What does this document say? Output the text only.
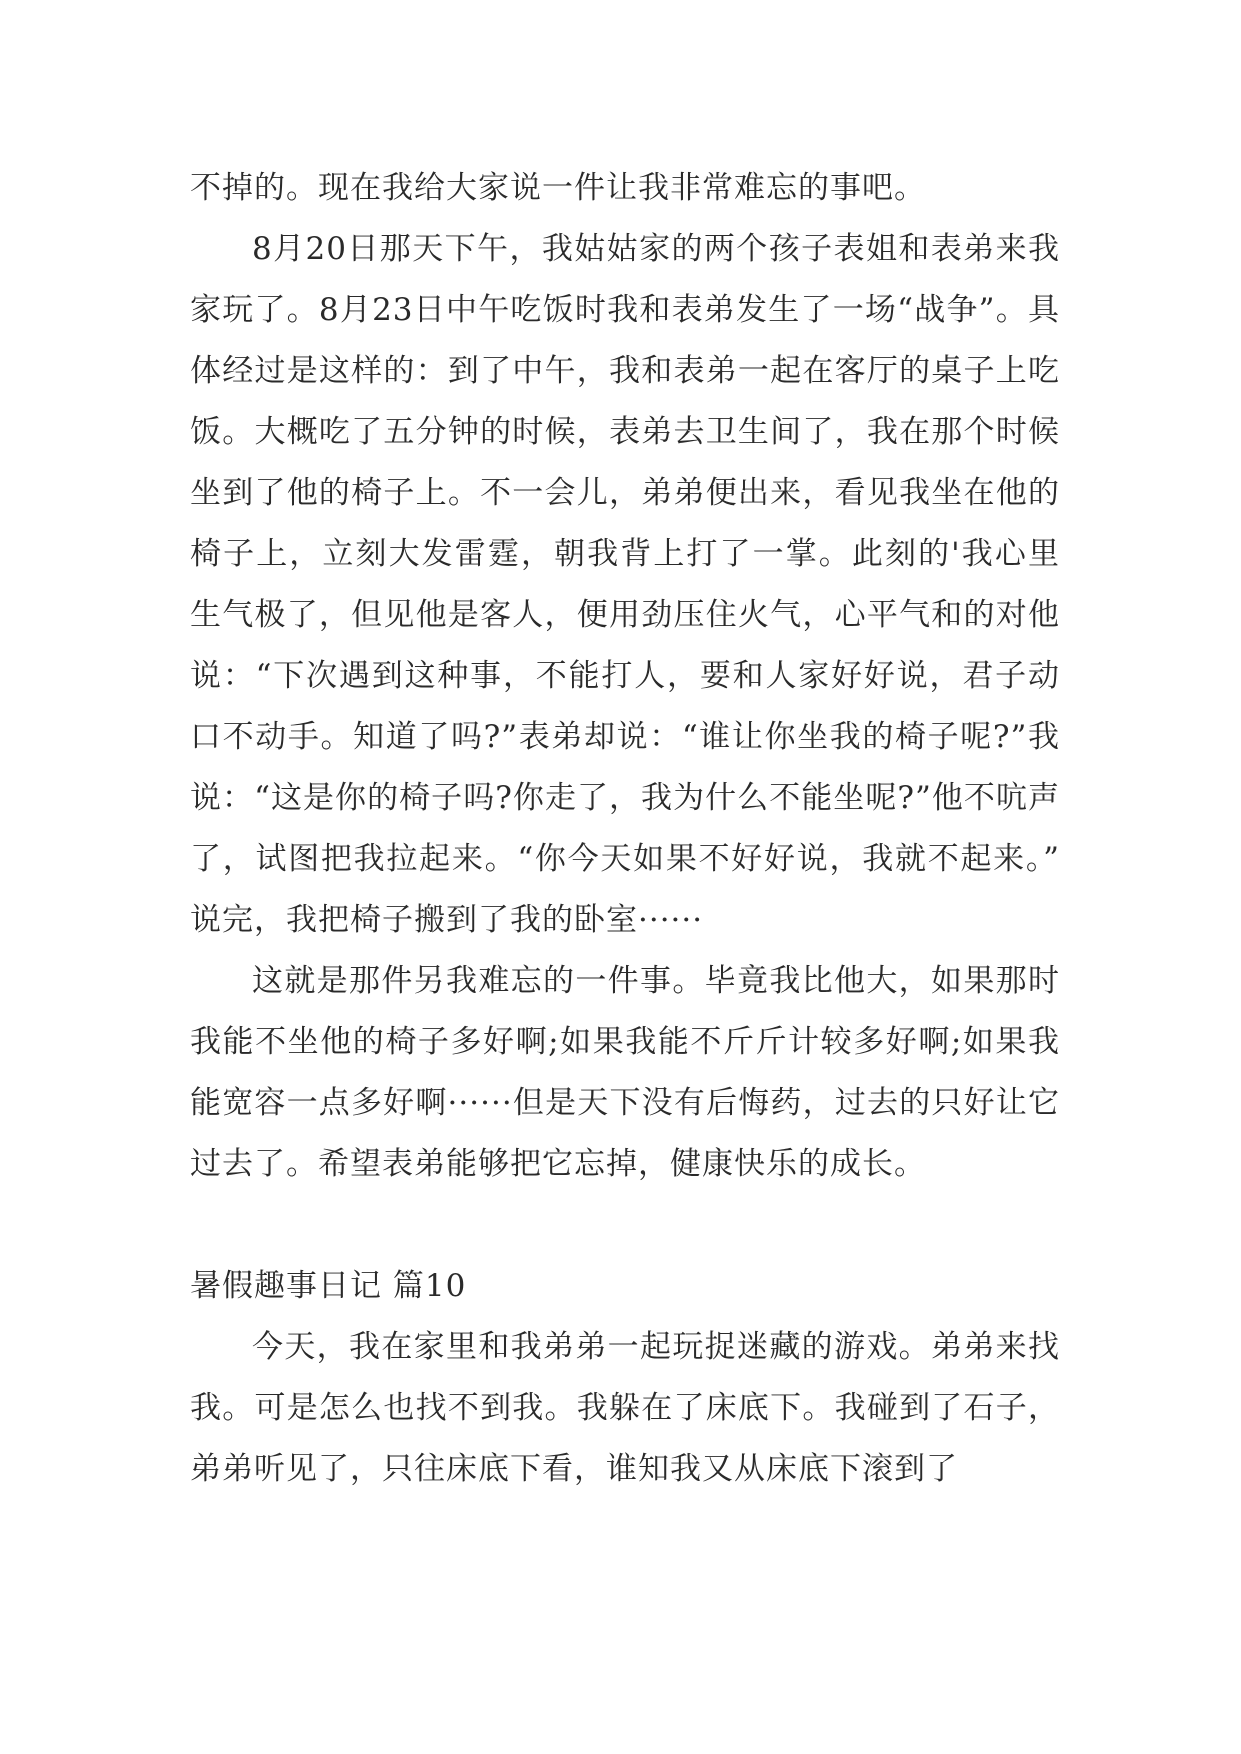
不掉的。现在我给大家说一件让我非常难忘的事吧。

8月20日那天下午，我姑姑家的两个孩子表姐和表弟来我家玩了。8月23日中午吃饭时我和表弟发生了一场“战争”。具体经过是这样的：到了中午，我和表弟一起在客厅的桌子上吃饭。大概吃了五分钟的时候，表弟去卫生间了，我在那个时候坐到了他的椅子上。不一会儿，弟弟便出来，看见我坐在他的椅子上，立刻大发雷霆，朝我背上打了一掌。此刻的'我心里生气极了，但见他是客人，便用劲压住火气，心平气和的对他说：“下次遇到这种事，不能打人，要和人家好好说，君子动口不动手。知道了吗?”表弟却说：“谁让你坐我的椅子呢?”我说：“这是你的椅子吗?你走了，我为什么不能坐呢?”他不吭声了，试图把我拉起来。“你今天如果不好好说，我就不起来。”说完，我把椅子搬到了我的卧室······

这就是那件另我难忘的一件事。毕竟我比他大，如果那时我能不坐他的椅子多好啊;如果我能不斤斤计较多好啊;如果我能宽容一点多好啊······但是天下没有后悔药，过去的只好让它过去了。希望表弟能够把它忘掉，健康快乐的成长。

暑假趣事日记 篇10

今天，我在家里和我弟弟一起玩捉迷藏的游戏。弟弟来找我。可是怎么也找不到我。我躲在了床底下。我碰到了石子，弟弟听见了，只往床底下看，谁知我又从床底下滚到了
